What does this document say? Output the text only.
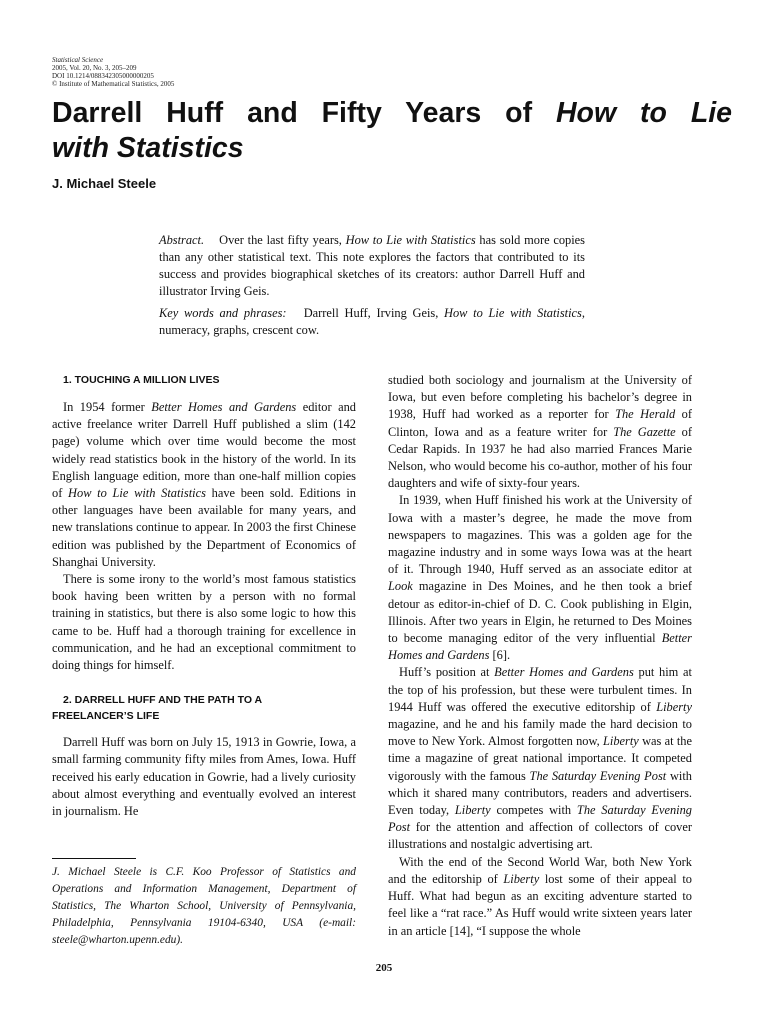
Statistical Science
2005, Vol. 20, No. 3, 205–209
DOI 10.1214/088342305000000205
© Institute of Mathematical Statistics, 2005
Darrell Huff and Fifty Years of How to Lie
with Statistics

J. Michael Steele

Abstract. Over the last fifty years, How to Lie with Statistics has sold more copies than any other statistical text. This note explores the factors that contributed to its success and provides biographical sketches of its creators: author Darrell Huff and illustrator Irving Geis.

Key words and phrases: Darrell Huff, Irving Geis, How to Lie with Statistics, numeracy, graphs, crescent cow.

1. TOUCHING A MILLION LIVES

In 1954 former Better Homes and Gardens editor and active freelance writer Darrell Huff published a slim (142 page) volume which over time would become the most widely read statistics book in the history of the world. In its English language edition, more than one-half million copies of How to Lie with Statistics have been sold. Editions in other languages have been available for many years, and new translations continue to appear. In 2003 the first Chinese edition was published by the Department of Economics of Shanghai University.

There is some irony to the world’s most famous statistics book having been written by a person with no formal training in statistics, but there is also some logic to how this came to be. Huff had a thorough training for excellence in communication, and he had an exceptional commitment to doing things for himself.

2. DARRELL HUFF AND THE PATH TO A
FREELANCER’S LIFE

Darrell Huff was born on July 15, 1913 in Gowrie, Iowa, a small farming community fifty miles from Ames, Iowa. Huff received his early education in Gowrie, had a lively curiosity about almost everything and eventually evolved an interest in journalism. He

J. Michael Steele is C.F. Koo Professor of Statistics and Operations and Information Management, Department of Statistics, The Wharton School, University of Pennsylvania, Philadelphia, Pennsylvania 19104-6340, USA (e-mail: steele@wharton.upenn.edu).

studied both sociology and journalism at the University of Iowa, but even before completing his bachelor’s degree in 1938, Huff had worked as a reporter for The Herald of Clinton, Iowa and as a feature writer for The Gazette of Cedar Rapids. In 1937 he had also married Frances Marie Nelson, who would become his co-author, mother of his four daughters and wife of sixty-four years.

In 1939, when Huff finished his work at the University of Iowa with a master’s degree, he made the move from newspapers to magazines. This was a golden age for the magazine industry and in some ways Iowa was at the heart of it. Through 1940, Huff served as an associate editor at Look magazine in Des Moines, and he then took a brief detour as editor-in-chief of D. C. Cook publishing in Elgin, Illinois. After two years in Elgin, he returned to Des Moines to become managing editor of the very influential Better Homes and Gardens [6].

Huff’s position at Better Homes and Gardens put him at the top of his profession, but these were turbulent times. In 1944 Huff was offered the executive editorship of Liberty magazine, and he and his family made the hard decision to move to New York. Almost forgotten now, Liberty was at the time a magazine of great national importance. It competed vigorously with the famous The Saturday Evening Post with which it shared many contributors, readers and advertisers. Even today, Liberty competes with The Saturday Evening Post for the attention and affection of collectors of cover illustrations and nostalgic advertising art.

With the end of the Second World War, both New York and the editorship of Liberty lost some of their appeal to Huff. What had begun as an exciting adventure started to feel like a “rat race.” As Huff would write sixteen years later in an article [14], “I suppose the whole

205
